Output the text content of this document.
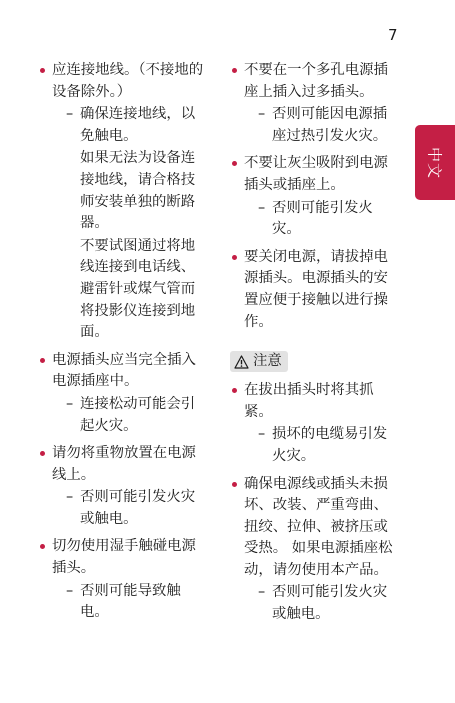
7
中文
应连接地线。（不接地的设备除外。）
– 确保连接地线，以免触电。
如果无法为设备连接地线，请合格技师安装单独的断路器。
不要试图通过将地线连接到电话线、避雷针或煤气管而将投影仪连接到地面。
电源插头应当完全插入电源插座中。
– 连接松动可能会引起火灾。
请勿将重物放置在电源线上。
– 否则可能引发火灾或触电。
切勿使用湿手触碰电源插头。
– 否则可能导致触电。
不要在一个多孔电源插座上插入过多插头。
– 否则可能因电源插座过热引发火灾。
不要让灰尘吸附到电源插头或插座上。
– 否则可能引发火灾。
要关闭电源，请拔掉电源插头。电源插头的安置应便于接触以进行操作。
注意
在拔出插头时将其抓紧。
– 损坏的电缆易引发火灾。
确保电源线或插头未损坏、改装、严重弯曲、扭绞、拉伸、被挤压或受热。 如果电源插座松动，请勿使用本产品。
– 否则可能引发火灾或触电。
